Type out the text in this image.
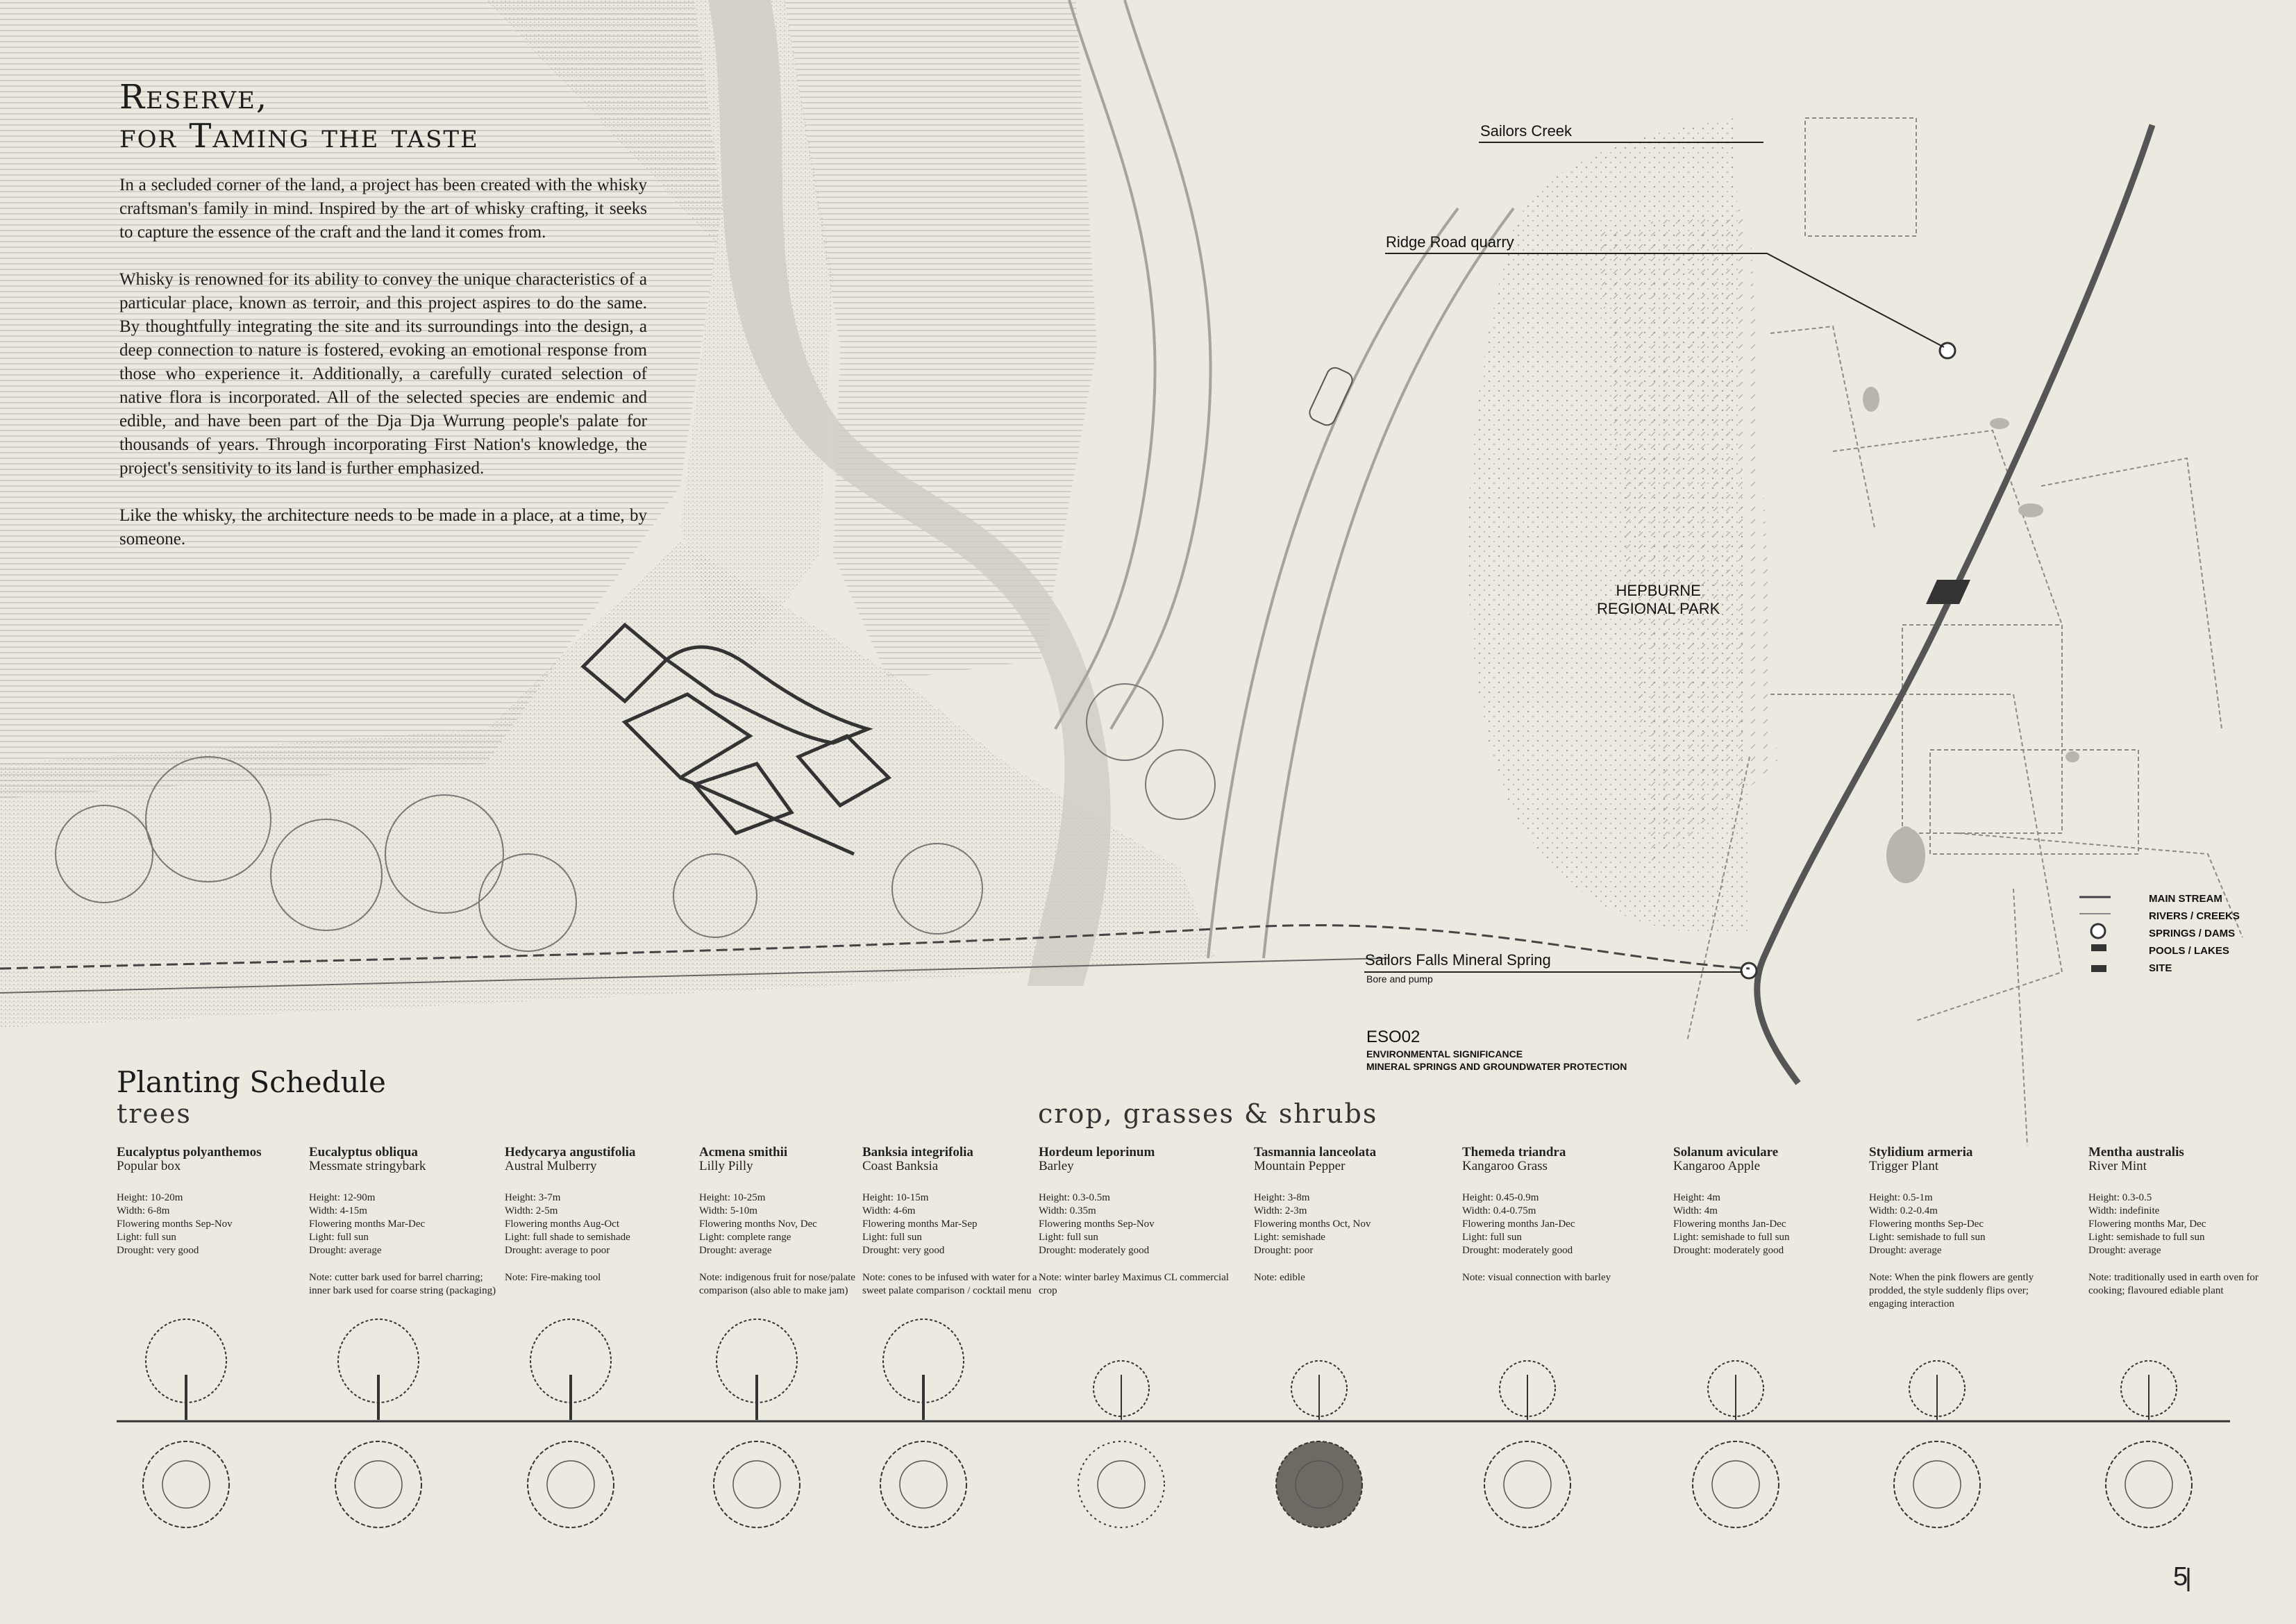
Reserve,
for Taming the taste

In a secluded corner of the land, a project has been created with the whisky craftsman's family in mind. Inspired by the art of whisky crafting, it seeks to capture the essence of the craft and the land it comes from.

Whisky is renowned for its ability to convey the unique characteristics of a particular place, known as terroir, and this project aspires to do the same. By thoughtfully integrating the site and its surroundings into the design, a deep connection to nature is fostered, evoking an emotional response from those who experience it. Additionally, a carefully curated selection of native flora is incorporated. All of the selected species are endemic and edible, and have been part of the Dja Dja Wurrung people's palate for thousands of years. Through incorporating First Nation's knowledge, the project's sensitivity to its land is further emphasized.

Like the whisky, the architecture needs to be made in a place, at a time, by someone.

Sailors Creek
Ridge Road quarry
HEPBURNE
REGIONAL PARK
Sailors Falls Mineral Spring
Bore and pump
ESO02
ENVIRONMENTAL SIGNIFICANCE
MINERAL SPRINGS AND GROUNDWATER PROTECTION
MAIN STREAM
RIVERS / CREEKS
SPRINGS / DAMS
POOLS / LAKES
SITE
Planting Schedule
trees	crop, grasses & shrubs
Eucalyptus polyanthemos
Popular box
Height: 10-20m
Width: 6-8m
Flowering months Sep-Nov
Light: full sun
Drought: very good
Eucalyptus obliqua
Messmate stringybark
Height: 12-90m
Width: 4-15m
Flowering months Mar-Dec
Light: full sun
Drought: average
Note: cutter bark used for barrel charring; inner bark used for coarse string (packaging)
Hedycarya angustifolia
Austral Mulberry
Height: 3-7m
Width: 2-5m
Flowering months Aug-Oct
Light: full shade to semishade
Drought: average to poor
Note: Fire-making tool
Acmena smithii
Lilly Pilly
Height: 10-25m
Width: 5-10m
Flowering months Nov, Dec
Light: complete range
Drought: average
Note: indigenous fruit for nose/palate comparison (also able to make jam)
Banksia integrifolia
Coast Banksia
Height: 10-15m
Width: 4-6m
Flowering months Mar-Sep
Light: full sun
Drought: very good
Note: cones to be infused with water for a sweet palate comparison / cocktail menu
Hordeum leporinum
Barley
Height: 0.3-0.5m
Width: 0.35m
Flowering months Sep-Nov
Light: full sun
Drought: moderately good
Note: winter barley Maximus CL commercial crop
Tasmannia lanceolata
Mountain Pepper
Height: 3-8m
Width: 2-3m
Flowering months Oct, Nov
Light: semishade
Drought: poor
Note: edible
Themeda triandra
Kangaroo Grass
Height: 0.45-0.9m
Width: 0.4-0.75m
Flowering months Jan-Dec
Light: full sun
Drought: moderately good
Note: visual connection with barley
Solanum aviculare
Kangaroo Apple
Height: 4m
Width: 4m
Flowering months Jan-Dec
Light: semishade to full sun
Drought: moderately good
Stylidium armeria
Trigger Plant
Height: 0.5-1m
Width: 0.2-0.4m
Flowering months Sep-Dec
Light: semishade to full sun
Drought: average
Note: When the pink flowers are gently prodded, the style suddenly flips over; engaging interaction
Mentha australis
River Mint
Height: 0.3-0.5
Width: indefinite
Flowering months Mar, Dec
Light: semishade to full sun
Drought: average
Note: traditionally used in earth oven for cooking; flavoured ediable plant
5
